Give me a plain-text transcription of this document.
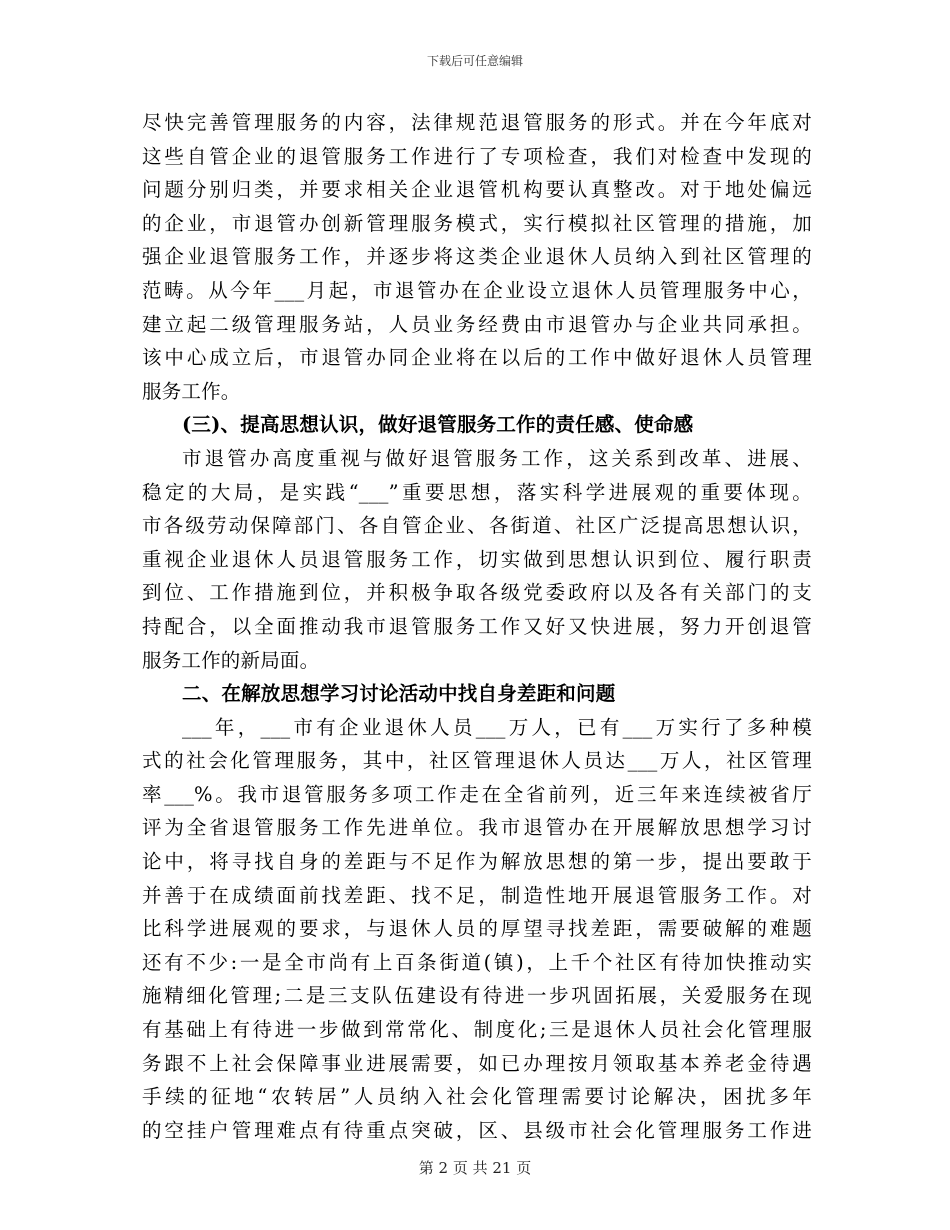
下载后可任意编辑
尽快完善管理服务的内容，法律规范退管服务的形式。并在今年底对
这些自管企业的退管服务工作进行了专项检查，我们对检查中发现的
问题分别归类，并要求相关企业退管机构要认真整改。对于地处偏远
的企业，市退管办创新管理服务模式，实行模拟社区管理的措施，加
强企业退管服务工作，并逐步将这类企业退休人员纳入到社区管理的
范畴。从今年___月起，市退管办在企业设立退休人员管理服务中心，
建立起二级管理服务站，人员业务经费由市退管办与企业共同承担。
该中心成立后，市退管办同企业将在以后的工作中做好退休人员管理
服务工作。
(三)、提高思想认识，做好退管服务工作的责任感、使命感
市退管办高度重视与做好退管服务工作，这关系到改革、进展、
稳定的大局，是实践“___”重要思想，落实科学进展观的重要体现。
市各级劳动保障部门、各自管企业、各街道、社区广泛提高思想认识，
重视企业退休人员退管服务工作，切实做到思想认识到位、履行职责
到位、工作措施到位，并积极争取各级党委政府以及各有关部门的支
持配合，以全面推动我市退管服务工作又好又快进展，努力开创退管
服务工作的新局面。
二、在解放思想学习讨论活动中找自身差距和问题
___年，___市有企业退休人员___万人，已有___万实行了多种模
式的社会化管理服务，其中，社区管理退休人员达___万人，社区管理
率___%。我市退管服务多项工作走在全省前列，近三年来连续被省厅
评为全省退管服务工作先进单位。我市退管办在开展解放思想学习讨
论中，将寻找自身的差距与不足作为解放思想的第一步，提出要敢于
并善于在成绩面前找差距、找不足，制造性地开展退管服务工作。对
比科学进展观的要求，与退休人员的厚望寻找差距，需要破解的难题
还有不少:一是全市尚有上百条街道(镇)，上千个社区有待加快推动实
施精细化管理;二是三支队伍建设有待进一步巩固拓展，关爱服务在现
有基础上有待进一步做到常常化、制度化;三是退休人员社会化管理服
务跟不上社会保障事业进展需要，如已办理按月领取基本养老金待遇
手续的征地“农转居”人员纳入社会化管理需要讨论解决，困扰多年
的空挂户管理难点有待重点突破，区、县级市社会化管理服务工作进
第 2 页 共 21 页
